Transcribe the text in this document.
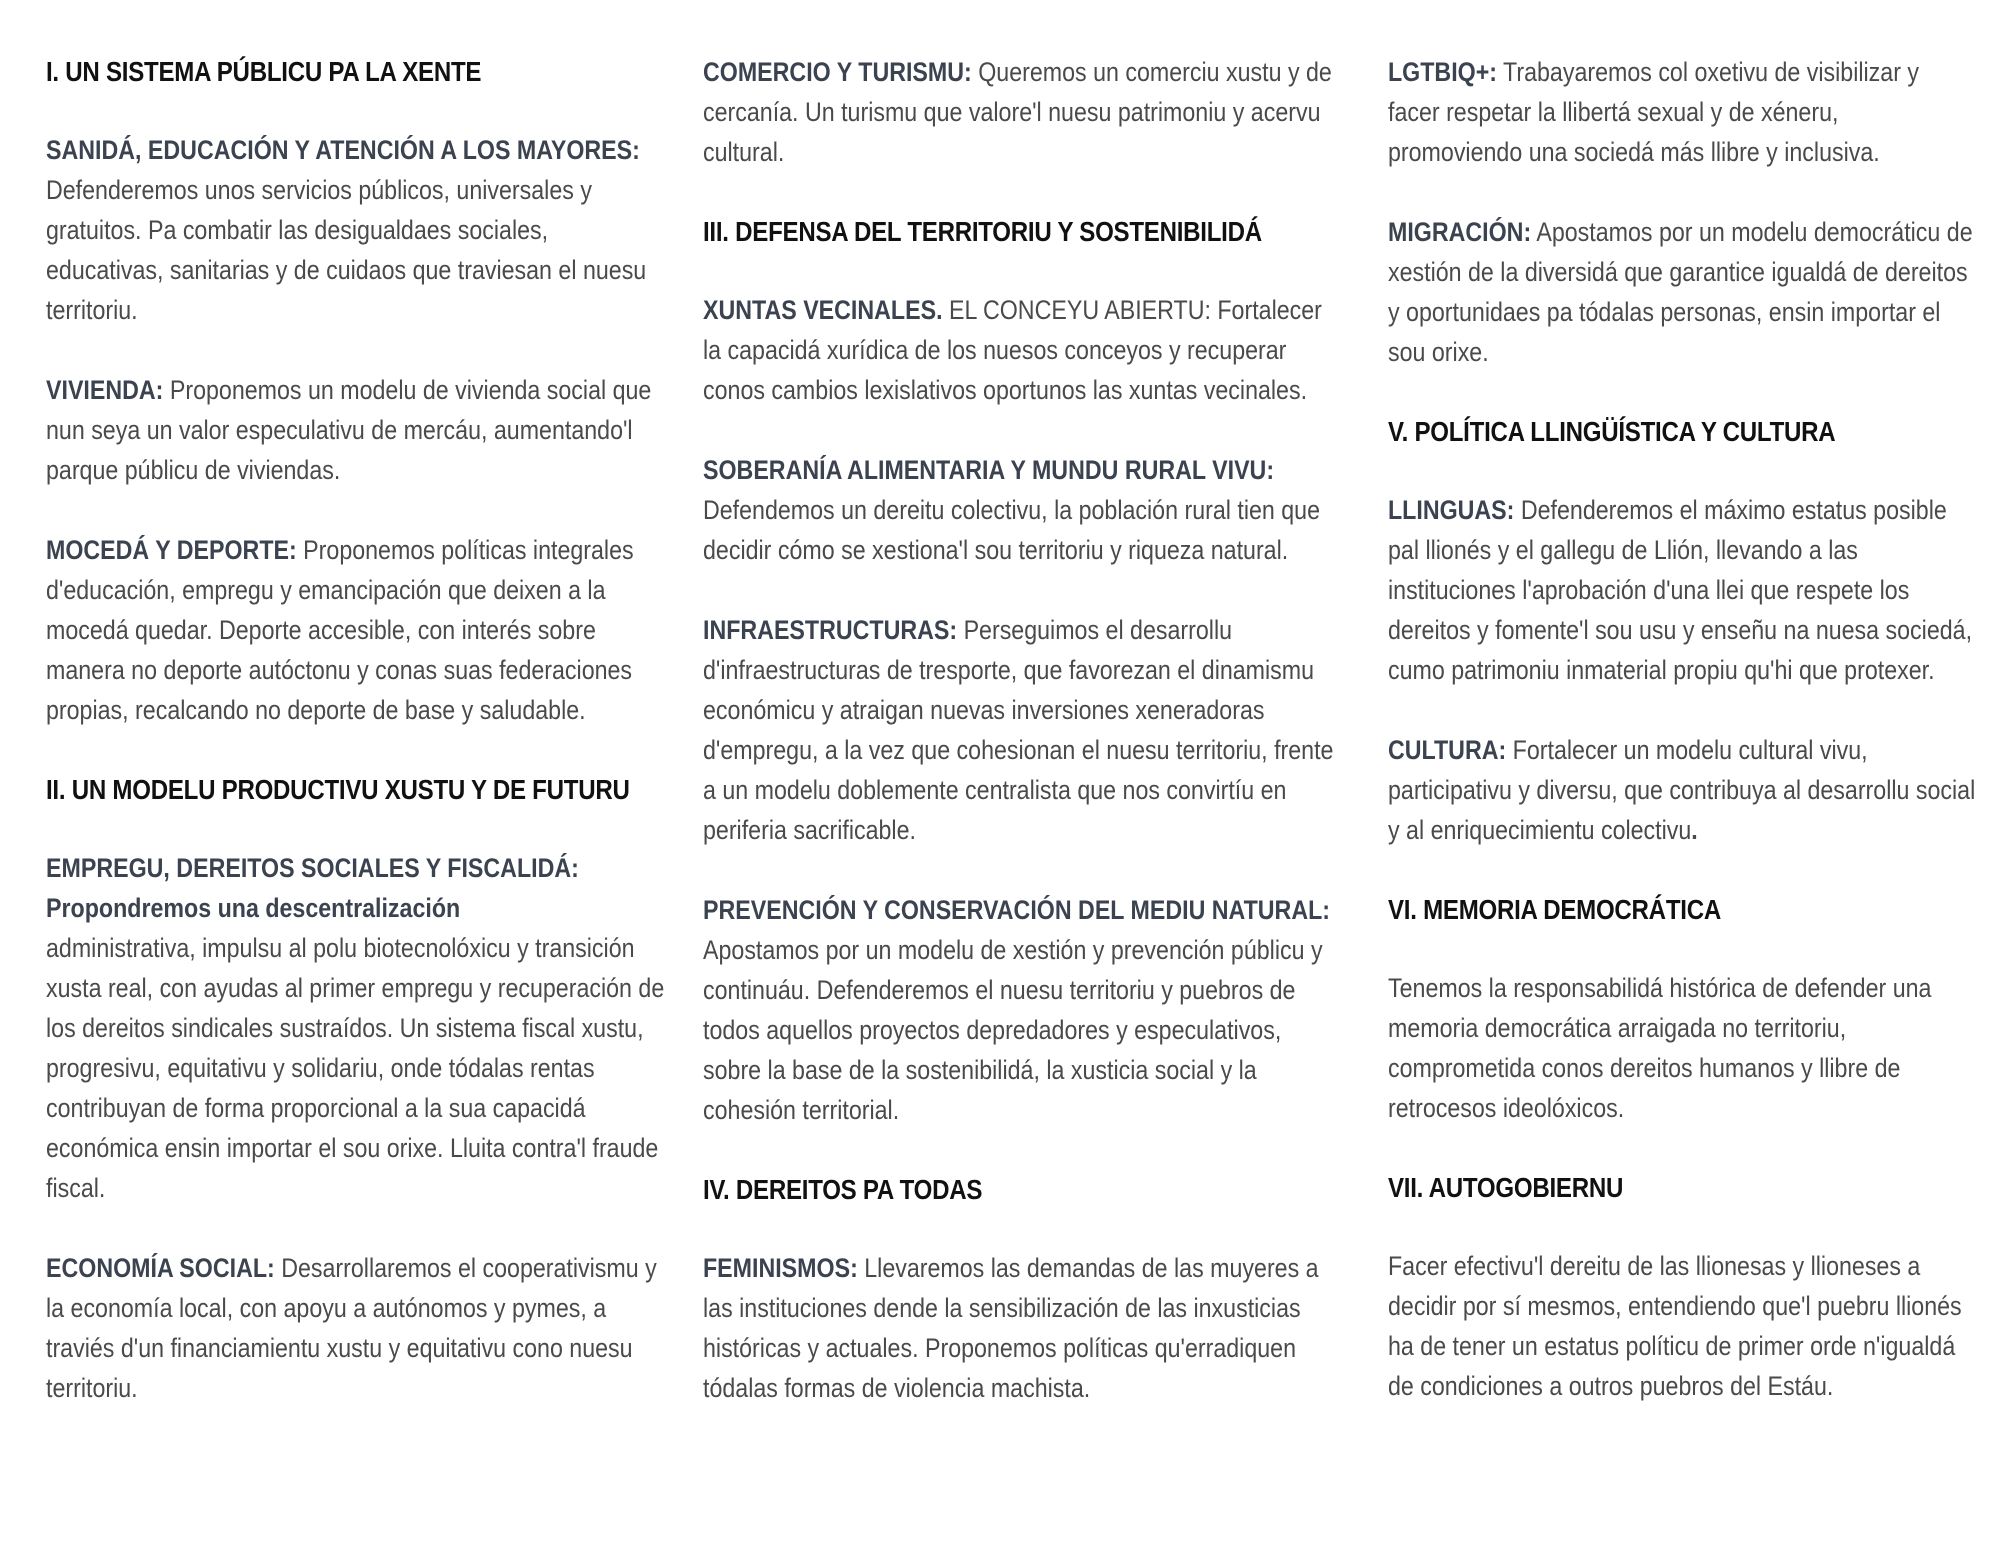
I. UN SISTEMA PÚBLICU PA LA XENTE

SANIDÁ, EDUCACIÓN Y ATENCIÓN A LOS MAYORES:
Defenderemos unos servicios públicos, universales y gratuitos. Pa combatir las desigualdaes sociales, educativas, sanitarias y de cuidaos que traviesan el nuesu territoriu.

VIVIENDA: Proponemos un modelu de vivienda social que nun seya un valor especulativu de mercáu, aumentando'l parque públicu de viviendas.

MOCEDÁ Y DEPORTE: Proponemos políticas integrales d'educación, empregu y emancipación que deixen a la mocedá quedar. Deporte accesible, con interés sobre manera no deporte autóctonu y conas suas federaciones propias, recalcando no deporte de base y saludable.

II. UN MODELU PRODUCTIVU XUSTU Y DE FUTURU

EMPREGU, DEREITOS SOCIALES Y FISCALIDÁ:
Propondremos una descentralización
administrativa, impulsu al polu biotecnolóxicu y transición xusta real, con ayudas al primer empregu y recuperación de los dereitos sindicales sustraídos. Un sistema fiscal xustu, progresivu, equitativu y solidariu, onde tódalas rentas contribuyan de forma proporcional a la sua capacidá económica ensin importar el sou orixe. Lluita contra'l fraude fiscal.

ECONOMÍA SOCIAL: Desarrollaremos el cooperativismu y la economía local, con apoyu a autónomos y pymes, a traviés d'un financiamientu xustu y equitativu cono nuesu territoriu.

COMERCIO Y TURISMU: Queremos un comerciu xustu y de cercanía. Un turismu que valore'l nuesu patrimoniu y acervu cultural.

III. DEFENSA DEL TERRITORIU Y SOSTENIBILIDÁ

XUNTAS VECINALES. EL CONCEYU ABIERTU: Fortalecer la capacidá xurídica de los nuesos conceyos y recuperar conos cambios lexislativos oportunos las xuntas vecinales.

SOBERANÍA ALIMENTARIA Y MUNDU RURAL VIVU:
Defendemos un dereitu colectivu, la población rural tien que decidir cómo se xestiona'l sou territoriu y riqueza natural.

INFRAESTRUCTURAS: Perseguimos el desarrollu d'infraestructuras de tresporte, que favorezan el dinamismu económicu y atraigan nuevas inversiones xeneradoras d'empregu, a la vez que cohesionan el nuesu territoriu, frente a un modelu doblemente centralista que nos convirtíu en periferia sacrificable.

PREVENCIÓN Y CONSERVACIÓN DEL MEDIU NATURAL:
Apostamos por un modelu de xestión y prevención públicu y continuáu. Defenderemos el nuesu territoriu y puebros de todos aquellos proyectos depredadores y especulativos, sobre la base de la sostenibilidá, la xusticia social y la cohesión territorial.

IV. DEREITOS PA TODAS

FEMINISMOS: Llevaremos las demandas de las muyeres a las instituciones dende la sensibilización de las inxusticias históricas y actuales. Proponemos políticas qu'erradiquen tódalas formas de violencia machista.

LGTBIQ+: Trabayaremos col oxetivu de visibilizar y facer respetar la llibertá sexual y de xéneru, promoviendo una sociedá más llibre y inclusiva.

MIGRACIÓN: Apostamos por un modelu democráticu de xestión de la diversidá que garantice igualdá de dereitos y oportunidaes pa tódalas personas, ensin importar el sou orixe.

V. POLÍTICA LLINGÜÍSTICA Y CULTURA

LLINGUAS: Defenderemos el máximo estatus posible pal llionés y el gallegu de Llión, llevando a las instituciones l'aprobación d'una llei que respete los dereitos y fomente'l sou usu y enseñu na nuesa sociedá, cumo patrimoniu inmaterial propiu qu'hi que protexer.

CULTURA: Fortalecer un modelu cultural vivu, participativu y diversu, que contribuya al desarrollu social y al enriquecimientu colectivu.

VI. MEMORIA DEMOCRÁTICA

Tenemos la responsabilidá histórica de defender una memoria democrática arraigada no territoriu, comprometida conos dereitos humanos y llibre de retrocesos ideolóxicos.

VII. AUTOGOBIERNU

Facer efectivu'l dereitu de las llionesas y llioneses a decidir por sí mesmos, entendiendo que'l puebru llionés ha de tener un estatus políticu de primer orde n'igualdá de condiciones a outros puebros del Estáu.
